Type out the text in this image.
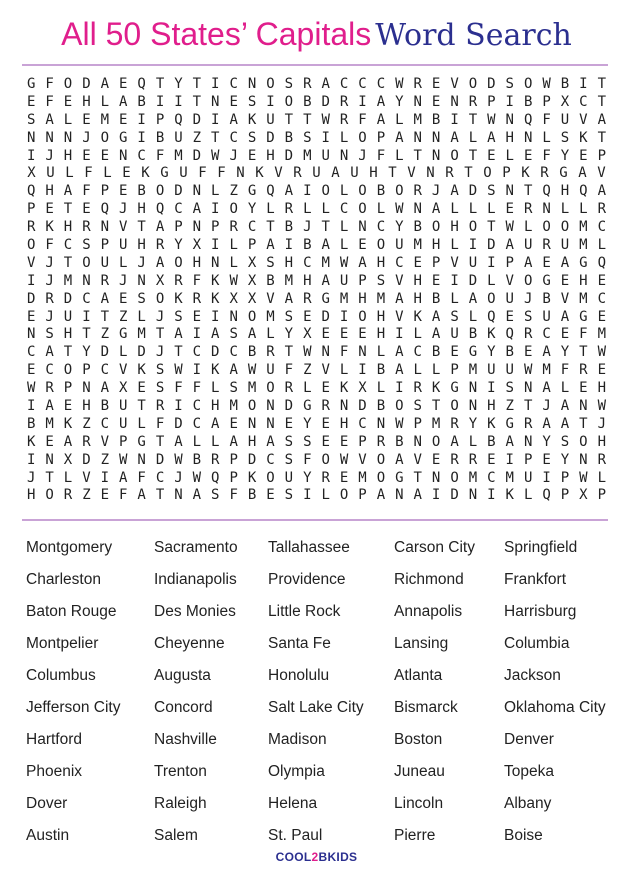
All 50 States’ Capitals Word Search
G F O D A E Q T Y T I C N O S R A C C C W R E V O D S O W B I T
E F E H L A B I I T N E S I O B D R I A Y N E N R P I B P X C T
S A L E M E I P Q D I A K U T T W R F A L M B I T W N Q F U V A
N N N J O G I B U Z T C S D B S I L O P A N N A L A H N L S K T
I J H E E N C F M D W J E H D M U N J F L T N O T E L E F Y E P
X U L F L E K G U F F N K V R U A U H T V N R T O P K R G A V
Q H A F P E B O D N L Z G Q A I O L O B O R J A D S N T Q H Q A
P E T E Q J H Q C A I O Y L R L L C O L W N A L L L E R N L L R
R K H R N V T A P N P R C T B J T L N C Y B O H O T W L O O M C
O F C S P U H R Y X I L P A I B A L E O U M H L I D A U R U M L
V J T O U L J A O H N L X S H C M W A H C E P V U I P A E A G Q
I J M N R J N X R F K W X B M H A U P S V H E I D L V O G E H E
D R D C A E S O K R K X X V A R G M H M A H B L A O U J B V M C
E J U I T Z L J S E I N O M S E D I O H V K A S L Q E S U A G E
N S H T Z G M T A I A S A L Y X E E E H I L A U B K Q R C E F M
C A T Y D L D J T C D C B R T W N F N L A C B E G Y B E A Y T W
E C O P C V K S W I K A W U F Z V L I B A L L P M U U W M F R E
W R P N A X E S F F L S M O R L E K X L I R K G N I S N A L E H
I A E H B U T R I C H M O N D G R N D B O S T O N H Z T J A N W
B M K Z C U L F D C A E N N E Y E H C N W P M R Y K G R A A T J
K E A R V P G T A L L A H A S S E E P R B N O A L B A N Y S O H
I N X D Z W N D W B R P D C S F O W V O A V E R R E I P E Y N R
J T L V I A F C J W Q P K O U Y R E M O G T N O M C M U I P W L
H O R Z E F A T N A S F B E S I L O P A N A I D N I K L Q P X P
Montgomery	Sacramento	Tallahassee	Carson City	Springfield
Charleston	Indianapolis	Providence	Richmond	Frankfort
Baton Rouge	Des Monies	Little Rock	Annapolis	Harrisburg
Montpelier	Cheyenne	Santa Fe	Lansing	Columbia
Columbus	Augusta	Honolulu	Atlanta	Jackson
Jefferson City	Concord	Salt Lake City	Bismarck	Oklahoma City
Hartford	Nashville	Madison	Boston	Denver
Phoenix	Trenton	Olympia	Juneau	Topeka
Dover	Raleigh	Helena	Lincoln	Albany
Austin	Salem	St. Paul	Pierre	Boise
COOL2BKIDS
